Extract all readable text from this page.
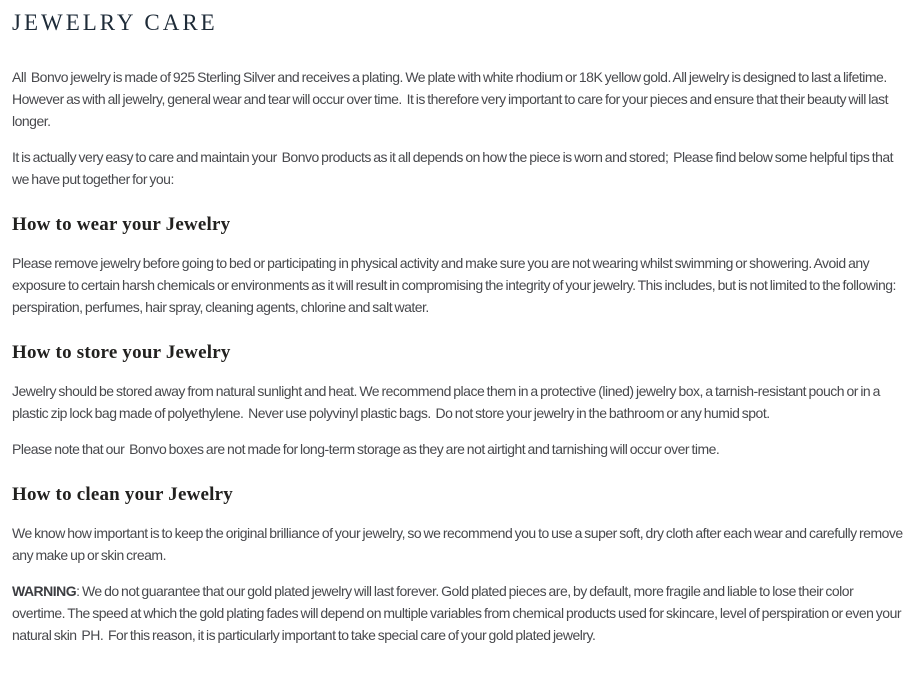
JEWELRY CARE

All  Bonvo jewelry is made of 925 Sterling Silver and receives a plating. We plate with white rhodium or 18K yellow gold. All jewelry is designed to last a lifetime.  However as with all jewelry, general wear and tear will occur over time.  It is therefore very important to care for your pieces and ensure that their beauty will last longer.

It is actually very easy to care and maintain your  Bonvo products as it all depends on how the piece is worn and stored;  Please find below some helpful tips that we have put together for you:

How to wear your Jewelry

Please remove jewelry before going to bed or participating in physical activity and make sure you are not wearing whilst swimming or showering. Avoid any exposure to certain harsh chemicals or environments as it will result in compromising the integrity of your jewelry. This includes, but is not limited to the following: perspiration, perfumes, hair spray, cleaning agents, chlorine and salt water.

How to store your Jewelry

Jewelry should be stored away from natural sunlight and heat. We recommend place them in a protective (lined) jewelry box, a tarnish-resistant pouch or in a plastic zip lock bag made of polyethylene.  Never use polyvinyl plastic bags.  Do not store your jewelry in the bathroom or any humid spot.

Please note that our  Bonvo boxes are not made for long-term storage as they are not airtight and tarnishing will occur over time.

How to clean your Jewelry

We know how important is to keep the original brilliance of your jewelry, so we recommend you to use a super soft, dry cloth after each wear and carefully remove any make up or skin cream.

WARNING: We do not guarantee that our gold plated jewelry will last forever. Gold plated pieces are, by default, more fragile and liable to lose their color overtime. The speed at which the gold plating fades will depend on multiple variables from chemical products used for skincare, level of perspiration or even your natural skin  PH.  For this reason, it is particularly important to take special care of your gold plated jewelry.
